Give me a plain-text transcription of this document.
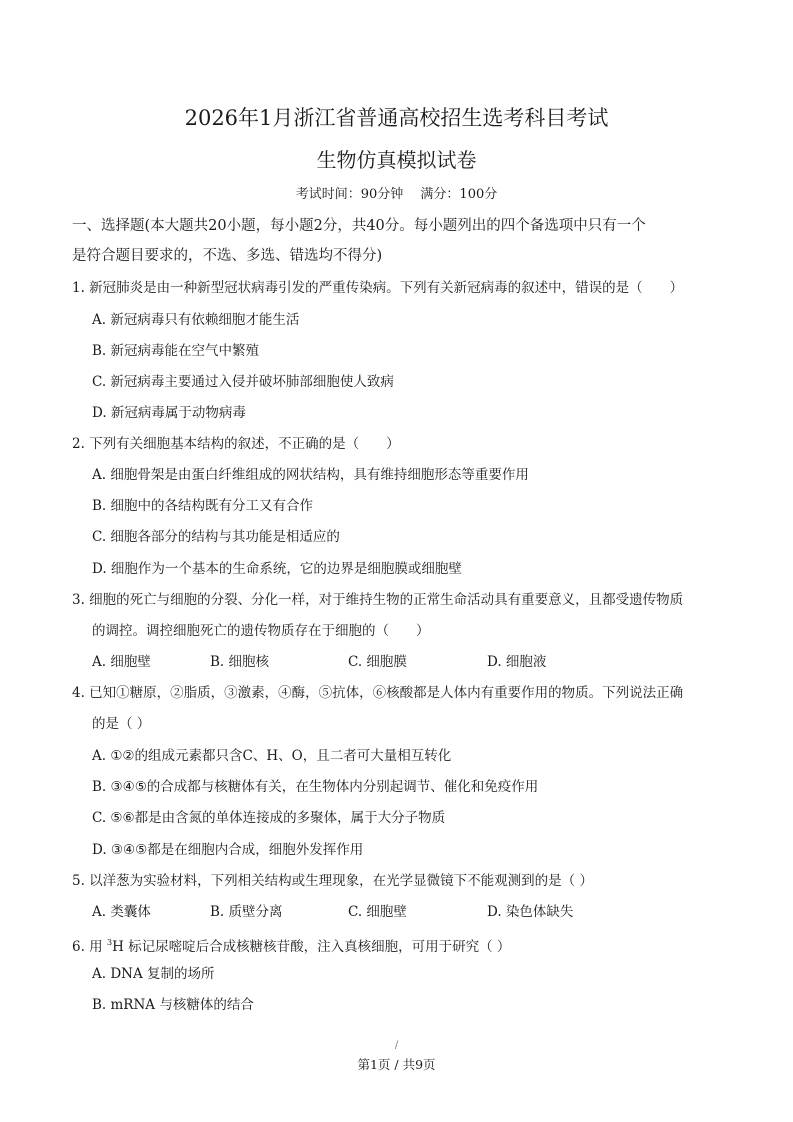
2026年1月浙江省普通高校招生选考科目考试
生物仿真模拟试卷
考试时间：90分钟　 满分：100分
一、选择题(本大题共20小题，每小题2分，共40分。每小题列出的四个备选项中只有一个
是符合题目要求的，不选、多选、错选均不得分)
1. 新冠肺炎是由一种新型冠状病毒引发的严重传染病。下列有关新冠病毒的叙述中，错误的是（　　）
A. 新冠病毒只有依赖细胞才能生活
B. 新冠病毒能在空气中繁殖
C. 新冠病毒主要通过入侵并破坏肺部细胞使人致病
D. 新冠病毒属于动物病毒
2. 下列有关细胞基本结构的叙述，不正确的是（　　）
A. 细胞骨架是由蛋白纤维组成的网状结构，具有维持细胞形态等重要作用
B. 细胞中的各结构既有分工又有合作
C. 细胞各部分的结构与其功能是相适应的
D. 细胞作为一个基本的生命系统，它的边界是细胞膜或细胞壁
3. 细胞的死亡与细胞的分裂、分化一样，对于维持生物的正常生命活动具有重要意义，且都受遗传物质
的调控。调控细胞死亡的遗传物质存在于细胞的（　　）
A. 细胞壁	B. 细胞核	C. 细胞膜	D. 细胞液
4. 已知①糖原，②脂质，③激素，④酶，⑤抗体，⑥核酸都是人体内有重要作用的物质。下列说法正确
的是（ ）
A. ①②的组成元素都只含C、H、O，且二者可大量相互转化
B. ③④⑤的合成都与核糖体有关，在生物体内分别起调节、催化和免疫作用
C. ⑤⑥都是由含氮的单体连接成的多聚体，属于大分子物质
D. ③④⑤都是在细胞内合成，细胞外发挥作用
5. 以洋葱为实验材料，下列相关结构或生理现象，在光学显微镜下不能观测到的是（ ）
A. 类囊体	B. 质壁分离	C. 细胞壁	D. 染色体缺失
6. 用 $^3$H 标记尿嘧啶后合成核糖核苷酸，注入真核细胞，可用于研究（ ）
A. DNA 复制的场所
B. mRNA 与核糖体的结合
/
第1页 / 共9页
